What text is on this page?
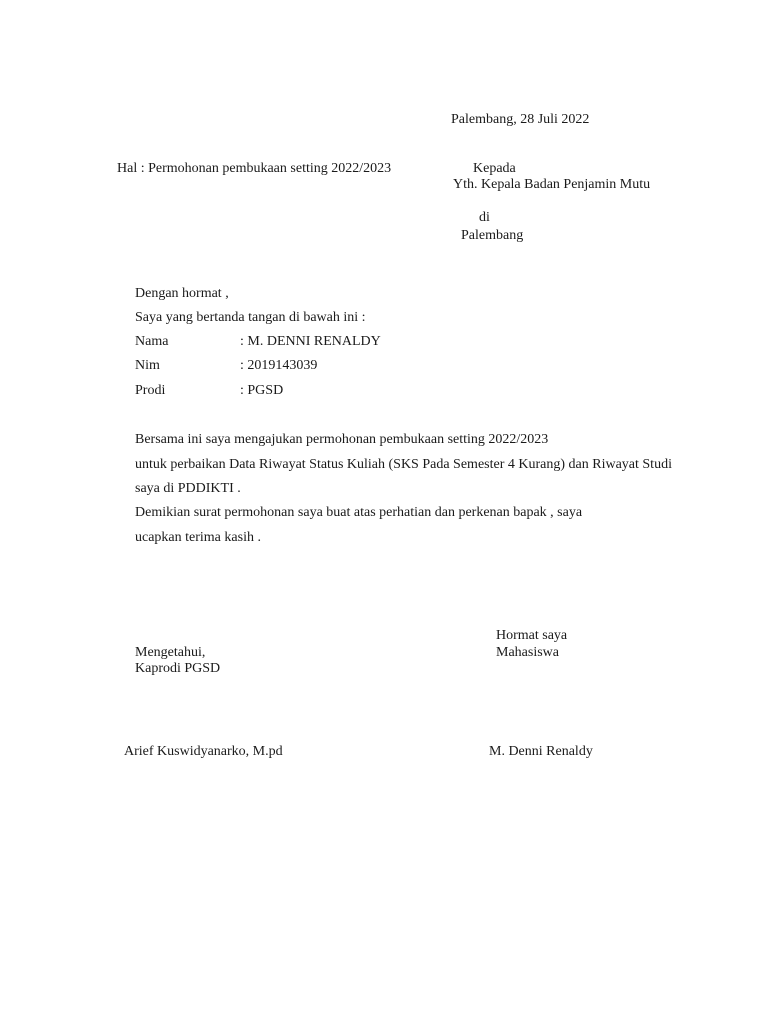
Palembang, 28 Juli 2022
Hal : Permohonan pembukaan setting 2022/2023	Kepada
Yth. Kepala Badan Penjamin Mutu
di
Palembang
Dengan hormat ,
Saya yang bertanda tangan di bawah ini :
Nama	: M. DENNI RENALDY
Nim	: 2019143039
Prodi	: PGSD
Bersama ini saya mengajukan permohonan pembukaan setting 2022/2023
untuk perbaikan Data Riwayat Status Kuliah (SKS Pada Semester 4 Kurang) dan Riwayat Studi
saya di PDDIKTI .
Demikian surat permohonan saya buat atas perhatian dan perkenan bapak , saya
ucapkan terima kasih .
Hormat saya
Mahasiswa
M. Denni Renaldy
Mengetahui,
Kaprodi PGSD
Arief Kuswidyanarko, M.pd
